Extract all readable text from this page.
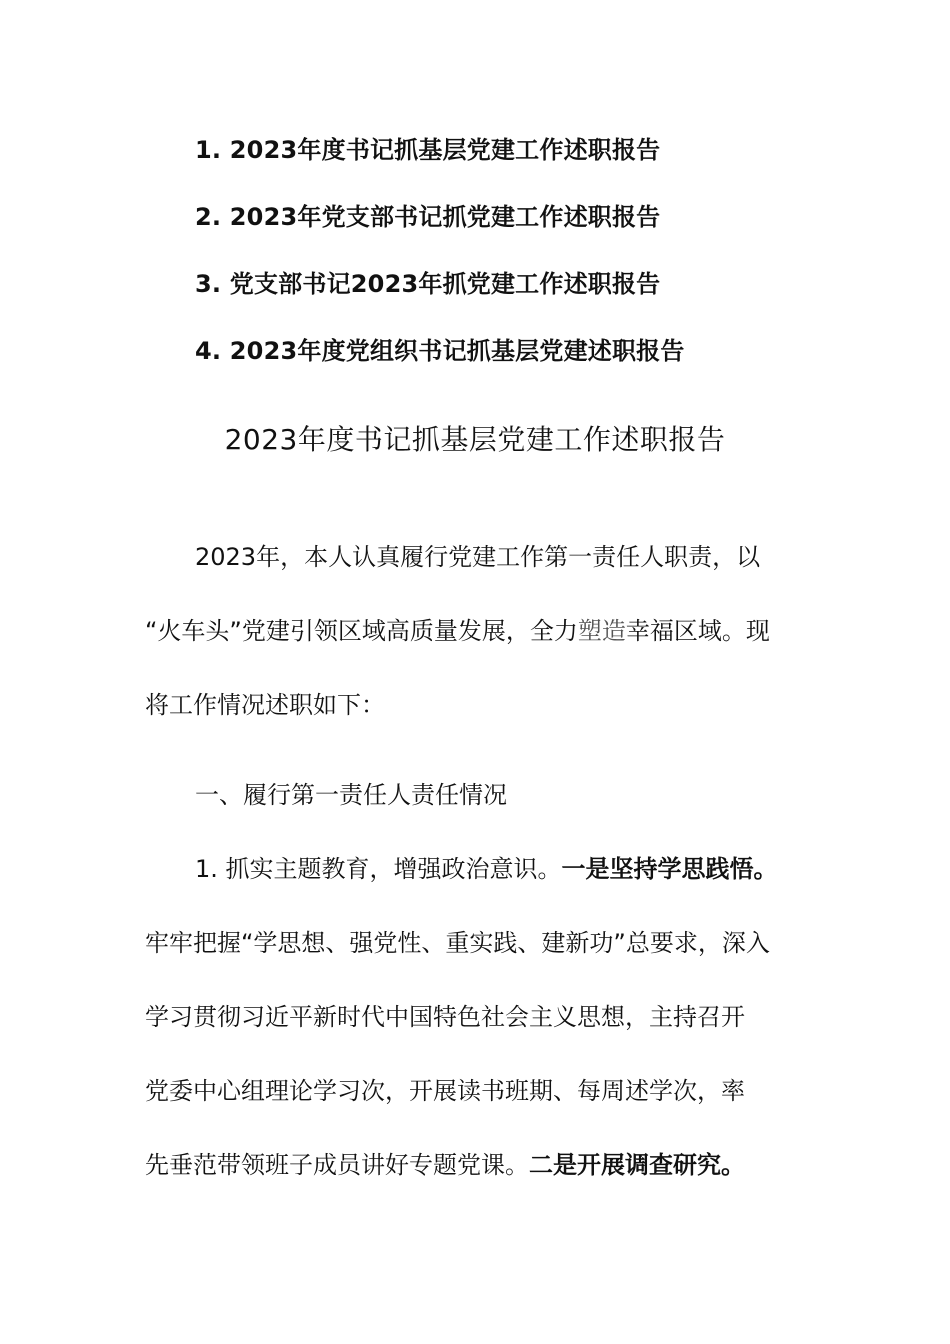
1. 2023年度书记抓基层党建工作述职报告
2. 2023年党支部书记抓党建工作述职报告
3. 党支部书记2023年抓党建工作述职报告
4. 2023年度党组织书记抓基层党建述职报告
2023年度书记抓基层党建工作述职报告
2023年，本人认真履行党建工作第一责任人职责，以
“火车头”党建引领区域高质量发展，全力塑造幸福区域。现
将工作情况述职如下：
一、履行第一责任人责任情况
1. 抓实主题教育，增强政治意识。一是坚持学思践悟。
牢牢把握“学思想、强党性、重实践、建新功”总要求，深入
学习贯彻习近平新时代中国特色社会主义思想，主持召开
党委中心组理论学习次，开展读书班期、每周述学次，率
先垂范带领班子成员讲好专题党课。二是开展调查研究。
